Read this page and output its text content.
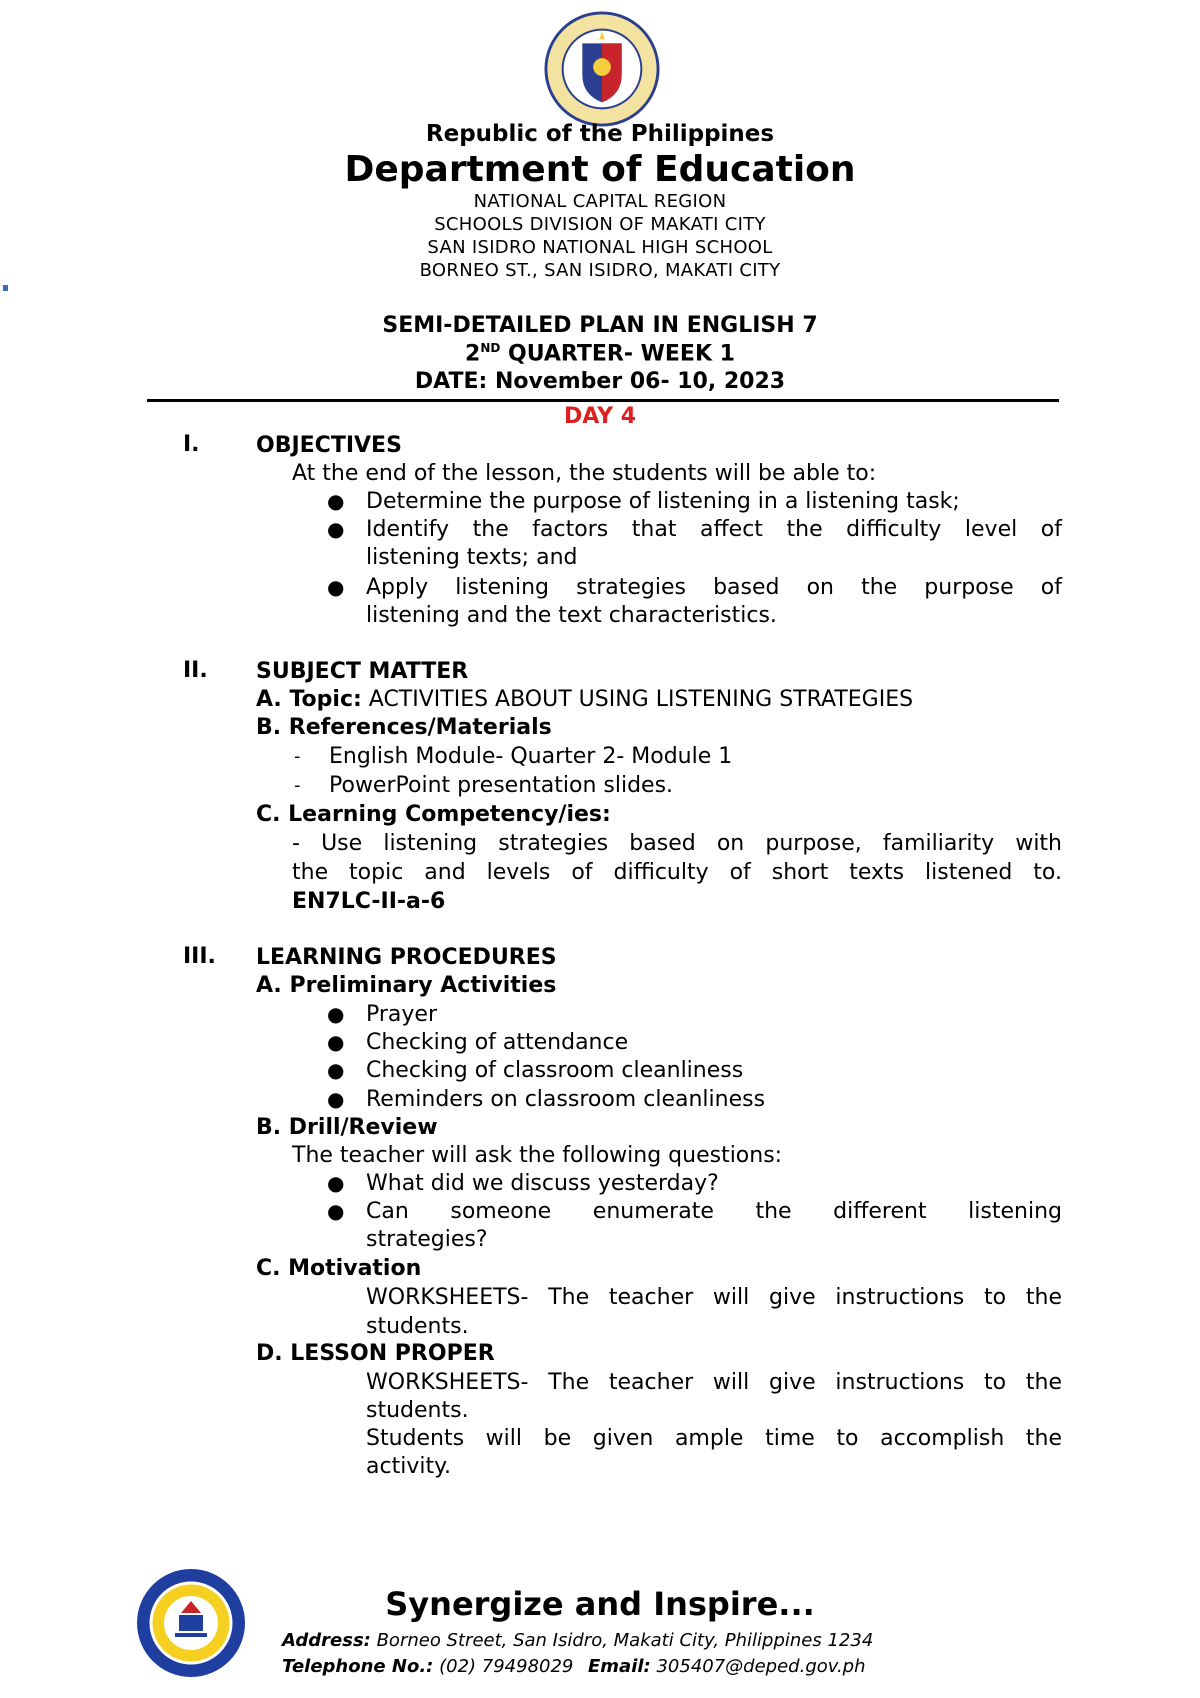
Republic of the Philippines
Department of Education
NATIONAL CAPITAL REGION
SCHOOLS DIVISION OF MAKATI CITY
SAN ISIDRO NATIONAL HIGH SCHOOL
BORNEO ST., SAN ISIDRO, MAKATI CITY
SEMI-DETAILED PLAN IN ENGLISH 7
2ND QUARTER- WEEK 1
DATE: November 06- 10, 2023
DAY 4
I.	OBJECTIVES
At the end of the lesson, the students will be able to:
● Determine the purpose of listening in a listening task;
● Identify the factors that affect the difficulty level of
listening texts; and
● Apply listening strategies based on the purpose of
listening and the text characteristics.
II. SUBJECT MATTER
A. Topic: ACTIVITIES ABOUT USING LISTENING STRATEGIES
B. References/Materials
- English Module- Quarter 2- Module 1
- PowerPoint presentation slides.
C. Learning Competency/ies:
- Use listening strategies based on purpose, familiarity with
the topic and levels of difficulty of short texts listened to.
EN7LC-II-a-6
III. LEARNING PROCEDURES
A. Preliminary Activities
● Prayer
● Checking of attendance
● Checking of classroom cleanliness
● Reminders on classroom cleanliness
B. Drill/Review
The teacher will ask the following questions:
● What did we discuss yesterday?
● Can someone enumerate the different listening
strategies?
C. Motivation
WORKSHEETS- The teacher will give instructions to the
students.
D. LESSON PROPER
WORKSHEETS- The teacher will give instructions to the
students.
Students will be given ample time to accomplish the
activity.
Synergize and Inspire...
Address: Borneo Street, San Isidro, Makati City, Philippines 1234
Telephone No.: (02) 79498029 Email: 305407@deped.gov.ph
